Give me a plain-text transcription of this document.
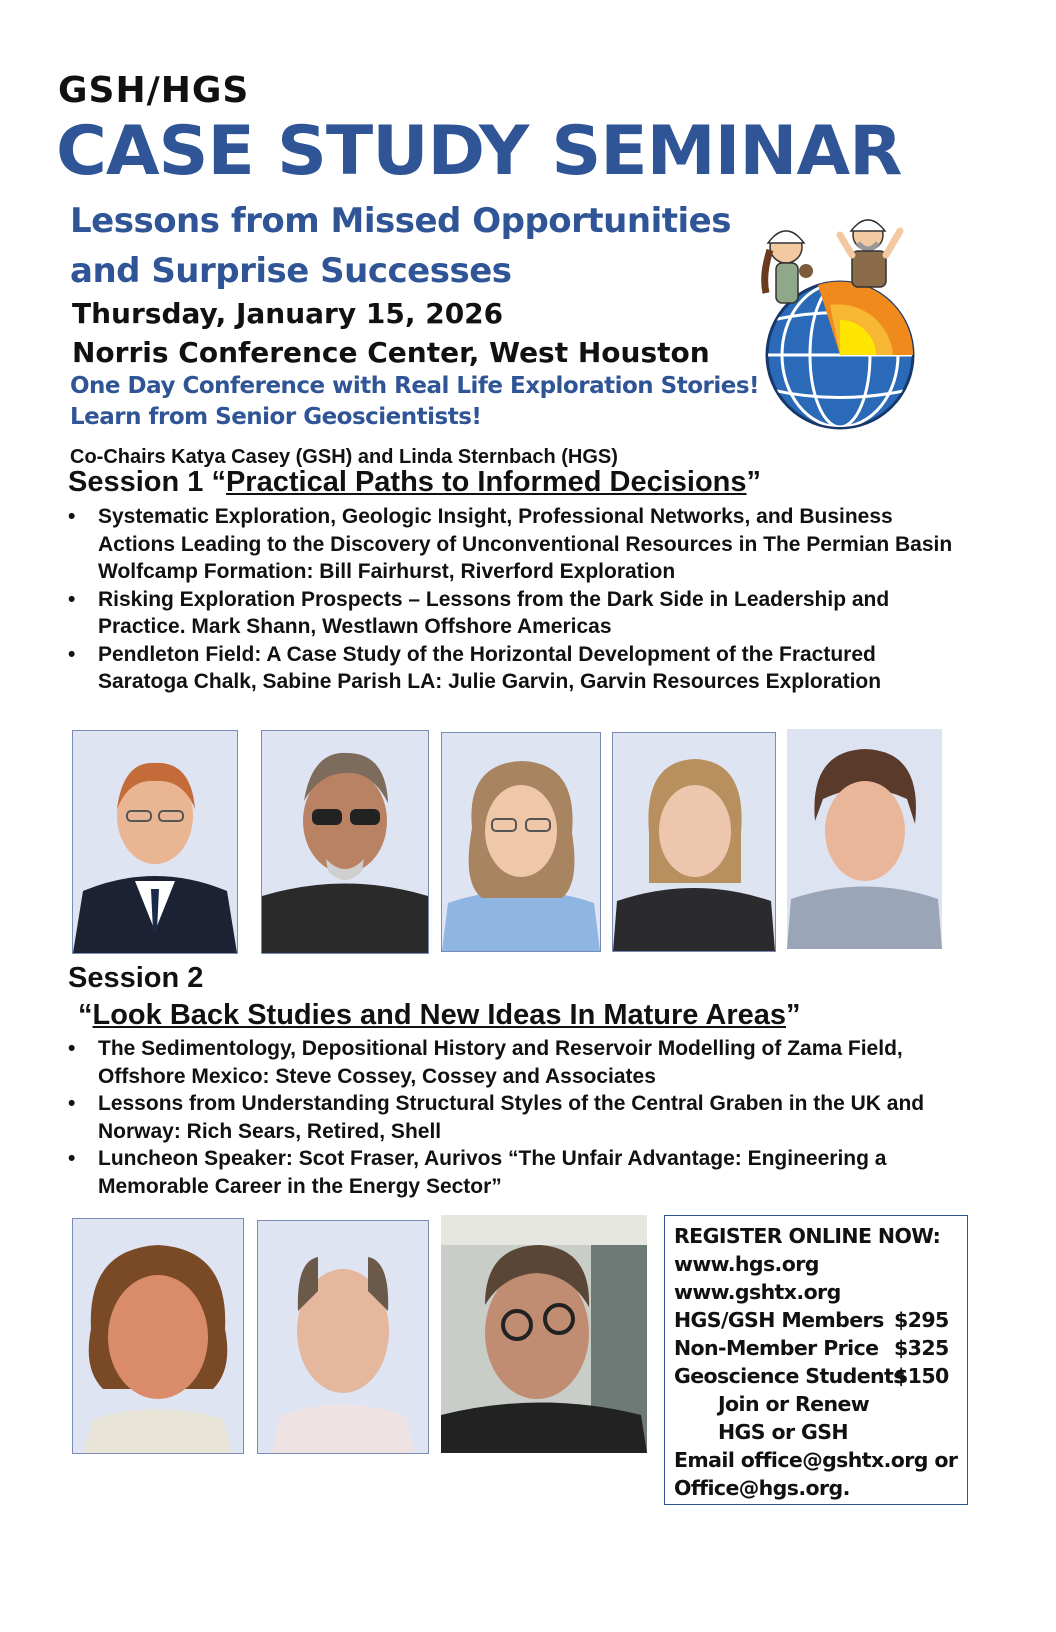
GSH/HGS
CASE STUDY SEMINAR
Lessons from Missed Opportunities
and Surprise Successes
Thursday, January 15, 2026
Norris Conference Center, West Houston
One Day Conference with Real Life Exploration Stories!
Learn from Senior Geoscientists!
Co-Chairs Katya Casey (GSH) and Linda Sternbach (HGS)
Session 1 “Practical Paths to Informed Decisions”
• Systematic Exploration, Geologic Insight, Professional Networks, and Business Actions Leading to the Discovery of Unconventional Resources in The Permian Basin Wolfcamp Formation: Bill Fairhurst, Riverford Exploration
• Risking Exploration Prospects – Lessons from the Dark Side in Leadership and Practice. Mark Shann, Westlawn Offshore Americas
• Pendleton Field: A Case Study of the Horizontal Development of the Fractured Saratoga Chalk, Sabine Parish LA: Julie Garvin, Garvin Resources Exploration
Session 2
“Look Back Studies and New Ideas In Mature Areas”
• The Sedimentology, Depositional History and Reservoir Modelling of Zama Field, Offshore Mexico: Steve Cossey, Cossey and Associates
• Lessons from Understanding Structural Styles of the Central Graben in the UK and Norway: Rich Sears, Retired, Shell
• Luncheon Speaker: Scot Fraser, Aurivos “The Unfair Advantage: Engineering a Memorable Career in the Energy Sector”
REGISTER ONLINE NOW:
www.hgs.org
www.gshtx.org
HGS/GSH Members $295
Non-Member Price $325
Geoscience Students
$150
Join or Renew
HGS or GSH
Email office@gshtx.org or
Office@hgs.org.
